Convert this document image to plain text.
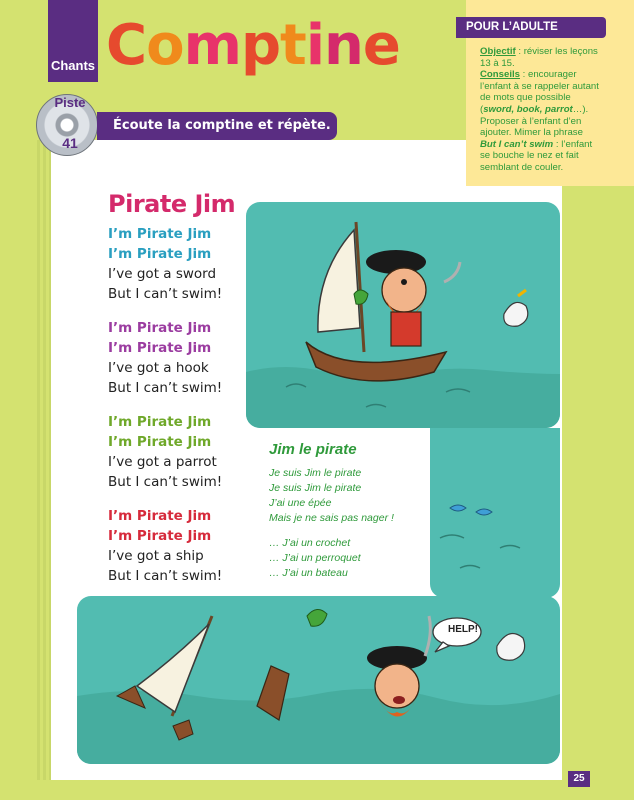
Chants Comptine
Piste
41
Écoute la comptine et répète.
POUR L’ADULTE
Objectif : réviser les leçons 13 à 15.
Conseils : encourager l’enfant à se rappeler autant de mots que possible (sword, book, parrot…). Proposer à l’enfant d’en ajouter. Mimer la phrase But I can’t swim : l’enfant se bouche le nez et fait semblant de couler.
HELP!
Pirate Jim
I’m Pirate Jim
I’m Pirate Jim
I’ve got a sword
But I can’t swim!
I’m Pirate Jim
I’m Pirate Jim
I’ve got a hook
But I can’t swim!
I’m Pirate Jim
I’m Pirate Jim
I’ve got a parrot
But I can’t swim!
I’m Pirate Jim
I’m Pirate Jim
I’ve got a ship
But I can’t swim!
Jim le pirate
Je suis Jim le pirate
Je suis Jim le pirate
J’ai une épée
Mais je ne sais pas nager !
… J’ai un crochet
… J’ai un perroquet
… J’ai un bateau
25
